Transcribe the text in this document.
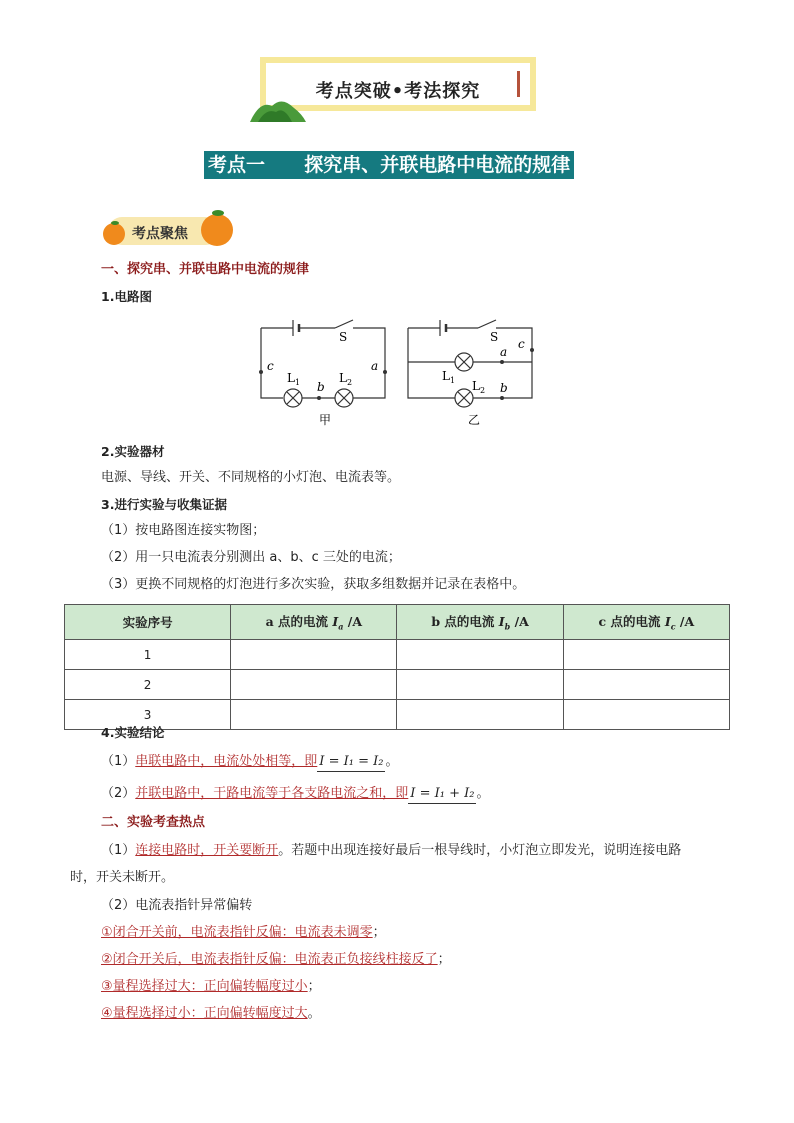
考点突破•考法探究
考点一 探究串、并联电路中电流的规律
考点聚焦
一、探究串、并联电路中电流的规律
1.电路图
S
c	a
b
$L_1$	$L_2$
甲
S c
a
b
$L_1$ $L_2$
乙
2.实验器材
电源、导线、开关、不同规格的小灯泡、电流表等。
3.进行实验与收集证据
（1）按电路图连接实物图；
（2）用一只电流表分别测出 a、b、c 三处的电流；
（3）更换不同规格的灯泡进行多次实验，获取多组数据并记录在表格中。
实验序号	a 点的电流 $I_a$ /A	b 点的电流 $I_b$ /A	c 点的电流 $I_c$ /A
1			
2			
3			
4.实验结论
（1）串联电路中，电流处处相等，即 I = I₁ = I₂ 。
（2）并联电路中，干路电流等于各支路电流之和，即 I = I₁ + I₂ 。
二、实验考查热点
（1）连接电路时，开关要断开。若题中出现连接好最后一根导线时，小灯泡立即发光，说明连接电路
时，开关未断开。
（2）电流表指针异常偏转
①闭合开关前，电流表指针反偏：电流表未调零；
②闭合开关后，电流表指针反偏：电流表正负接线柱接反了；
③量程选择过大：正向偏转幅度过小；
④量程选择过小：正向偏转幅度过大。
